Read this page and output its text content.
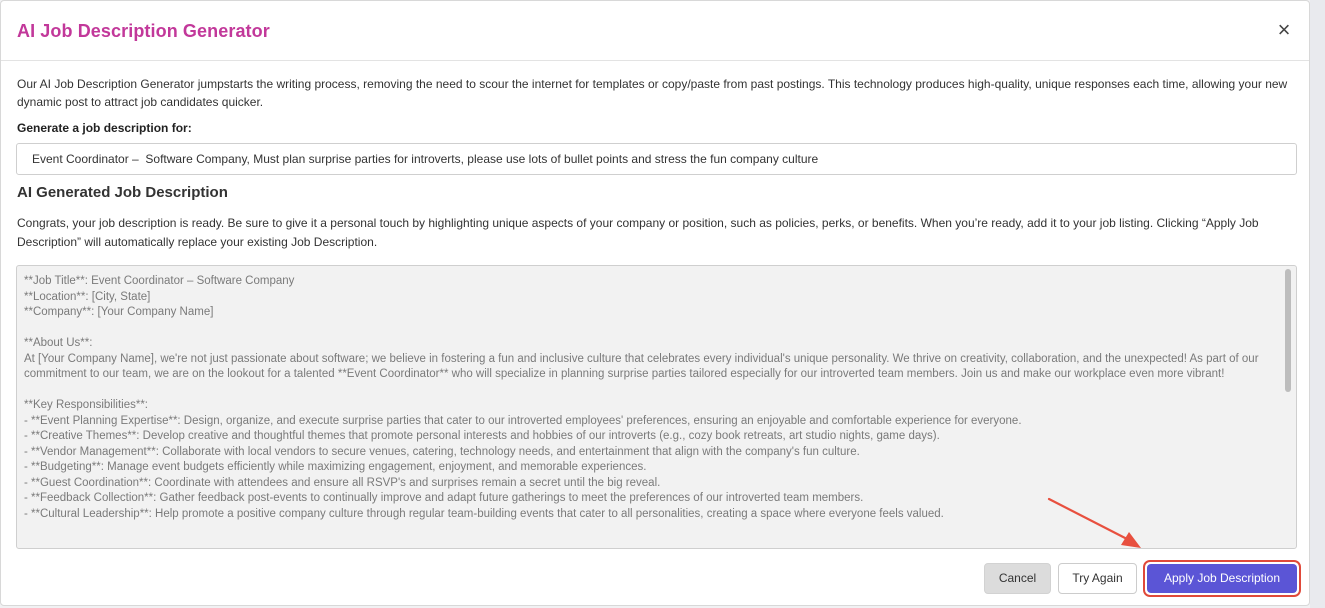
AI Job Description Generator	×
Our AI Job Description Generator jumpstarts the writing process, removing the need to scour the internet for templates or copy/paste from past postings. This technology produces high-quality, unique responses each time, allowing your new dynamic post to attract job candidates quicker.
Generate a job description for:
Event Coordinator – Software Company, Must plan surprise parties for introverts, please use lots of bullet points and stress the fun company culture
AI Generated Job Description
Congrats, your job description is ready. Be sure to give it a personal touch by highlighting unique aspects of your company or position, such as policies, perks, or benefits. When you’re ready, add it to your job listing. Clicking “Apply Job Description” will automatically replace your existing Job Description.
**Job Title**: Event Coordinator – Software Company
**Location**: [City, State]
**Company**: [Your Company Name]

**About Us**:
At [Your Company Name], we're not just passionate about software; we believe in fostering a fun and inclusive culture that celebrates every individual's unique personality. We thrive on creativity, collaboration, and the unexpected! As part of our commitment to our team, we are on the lookout for a talented **Event Coordinator** who will specialize in planning surprise parties tailored especially for our introverted team members. Join us and make our workplace even more vibrant!

**Key Responsibilities**:
- **Event Planning Expertise**: Design, organize, and execute surprise parties that cater to our introverted employees' preferences, ensuring an enjoyable and comfortable experience for everyone.
- **Creative Themes**: Develop creative and thoughtful themes that promote personal interests and hobbies of our introverts (e.g., cozy book retreats, art studio nights, game days).
- **Vendor Management**: Collaborate with local vendors to secure venues, catering, technology needs, and entertainment that align with the company's fun culture.
- **Budgeting**: Manage event budgets efficiently while maximizing engagement, enjoyment, and memorable experiences.
- **Guest Coordination**: Coordinate with attendees and ensure all RSVP's and surprises remain a secret until the big reveal.
- **Feedback Collection**: Gather feedback post-events to continually improve and adapt future gatherings to meet the preferences of our introverted team members.
- **Cultural Leadership**: Help promote a positive company culture through regular team-building events that cater to all personalities, creating a space where everyone feels valued.
Cancel	Try Again	Apply Job Description
